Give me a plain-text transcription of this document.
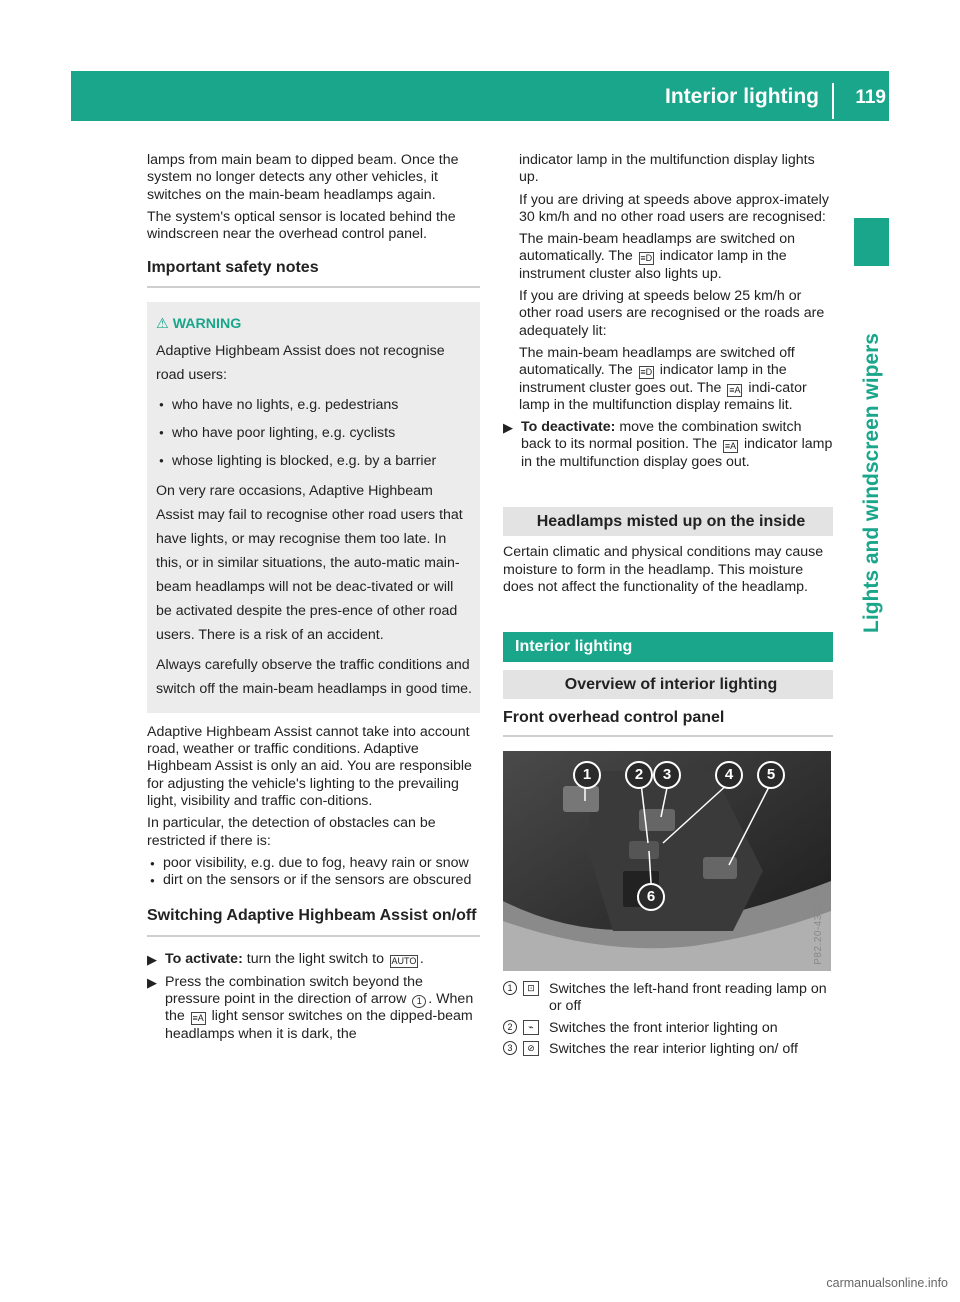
Interior lighting 119
Lights and windscreen wipers

lamps from main beam to dipped beam. Once the system no longer detects any other vehicles, it switches on the main-beam headlamps again.

The system's optical sensor is located behind the windscreen near the overhead control panel.

Important safety notes
⚠ WARNING

Adaptive Highbeam Assist does not recognise road users:

● who have no lights, e.g. pedestrians
● who have poor lighting, e.g. cyclists
● whose lighting is blocked, e.g. by a barrier

On very rare occasions, Adaptive Highbeam Assist may fail to recognise other road users that have lights, or may recognise them too late. In this, or in similar situations, the auto-matic main-beam headlamps will not be deac-tivated or will be activated despite the pres-ence of other road users. There is a risk of an accident.

Always carefully observe the traffic conditions and switch off the main-beam headlamps in good time.

Adaptive Highbeam Assist cannot take into account road, weather or traffic conditions. Adaptive Highbeam Assist is only an aid. You are responsible for adjusting the vehicle's lighting to the prevailing light, visibility and traffic con-ditions.

In particular, the detection of obstacles can be restricted if there is:

● poor visibility, e.g. due to fog, heavy rain or snow
● dirt on the sensors or if the sensors are obscured
Switching Adaptive Highbeam Assist on/off
▶ To activate: turn the light switch to AUTO .
▶ Press the combination switch beyond the pressure point in the direction of arrow 1 . When the ≡A light sensor switches on the dipped-beam headlamps when it is dark, the

indicator lamp in the multifunction display lights up.

If you are driving at speeds above approx-imately 30 km/h and no other road users are recognised:

The main-beam headlamps are switched on automatically. The ≡D indicator lamp in the instrument cluster also lights up.

If you are driving at speeds below 25 km/h or other road users are recognised or the roads are adequately lit:

The main-beam headlamps are switched off automatically. The ≡D indicator lamp in the instrument cluster goes out. The ≡A indi-cator lamp in the multifunction display remains lit.

▶ To deactivate: move the combination switch back to its normal position. The ≡A indicator lamp in the multifunction display goes out.
Headlamps misted up on the inside

Certain climatic and physical conditions may cause moisture to form in the headlamp. This moisture does not affect the functionality of the headlamp.

Interior lighting
Overview of interior lighting
Front overhead control panel
1	2	3	4	5
6	P82.20-4322-31
1	⊡ Switches the left-hand front reading lamp on or off
2	⌁	Switches the front interior lighting on
3	⊘ Switches the rear interior lighting on/ off
carmanualsonline.info
